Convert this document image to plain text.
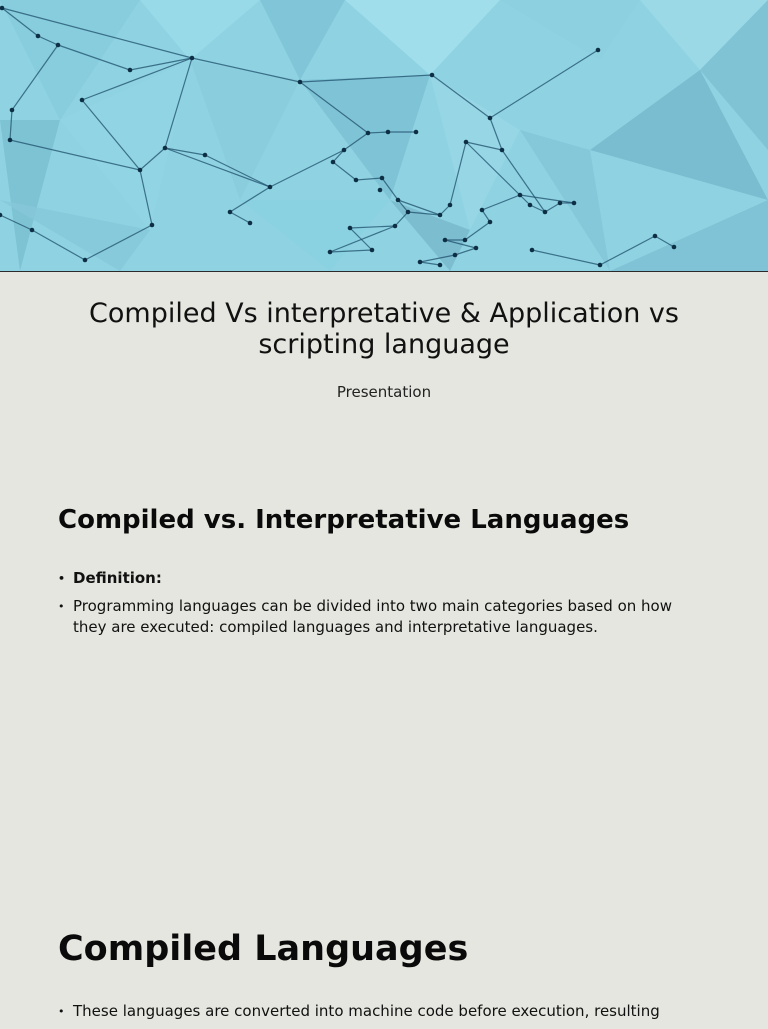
Compiled Vs interpretative & Application vs scripting language
Presentation
Compiled vs. Interpretative Languages
• Definition:
• Programming languages can be divided into two main categories based on how they are executed: compiled languages and interpretative languages.
Compiled Languages
• These languages are converted into machine code before execution, resulting
